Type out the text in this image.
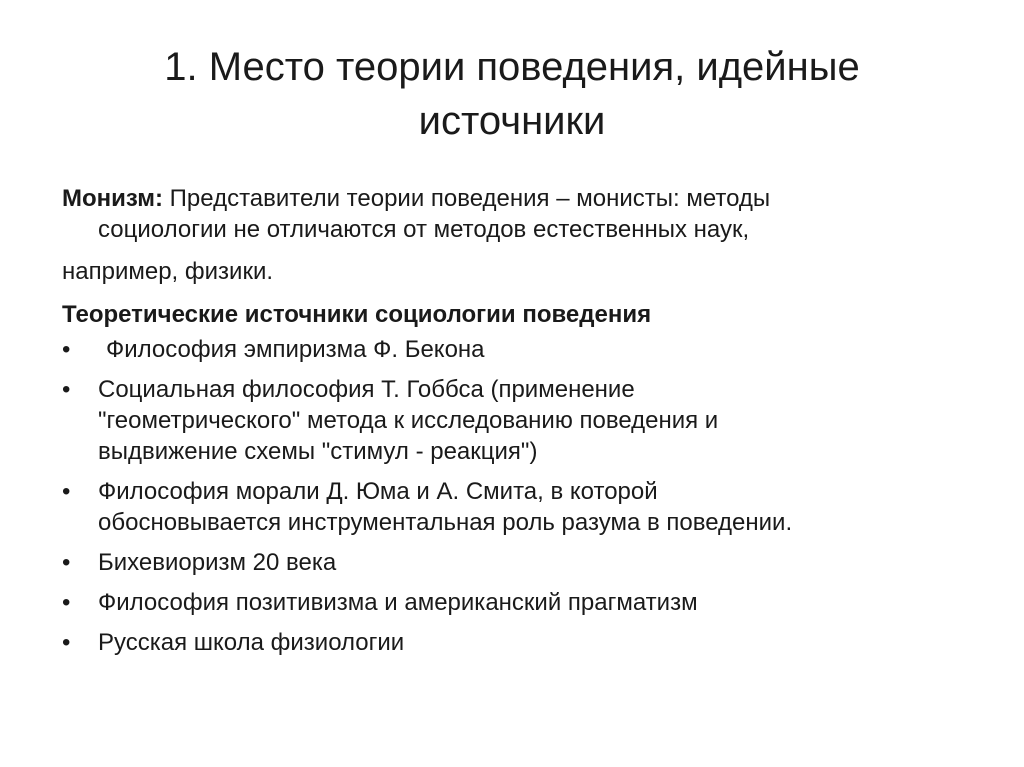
1. Место теории поведения, идейные
источники

Монизм: Представители теории поведения – монисты: методы
социологии не отличаются от методов естественных наук,

например, физики.

Теоретические источники социологии поведения
•	Философия эмпиризма Ф. Бекона
•	Социальная философия Т. Гоббса (применение
"геометрического" метода к исследованию поведения и
выдвижение схемы "стимул - реакция")
•	Философия морали Д. Юма и А. Смита, в которой
обосновывается инструментальная роль разума в поведении.
•	Бихевиоризм 20 века
•	Философия позитивизма и американский прагматизм
•	Русская школа физиологии
